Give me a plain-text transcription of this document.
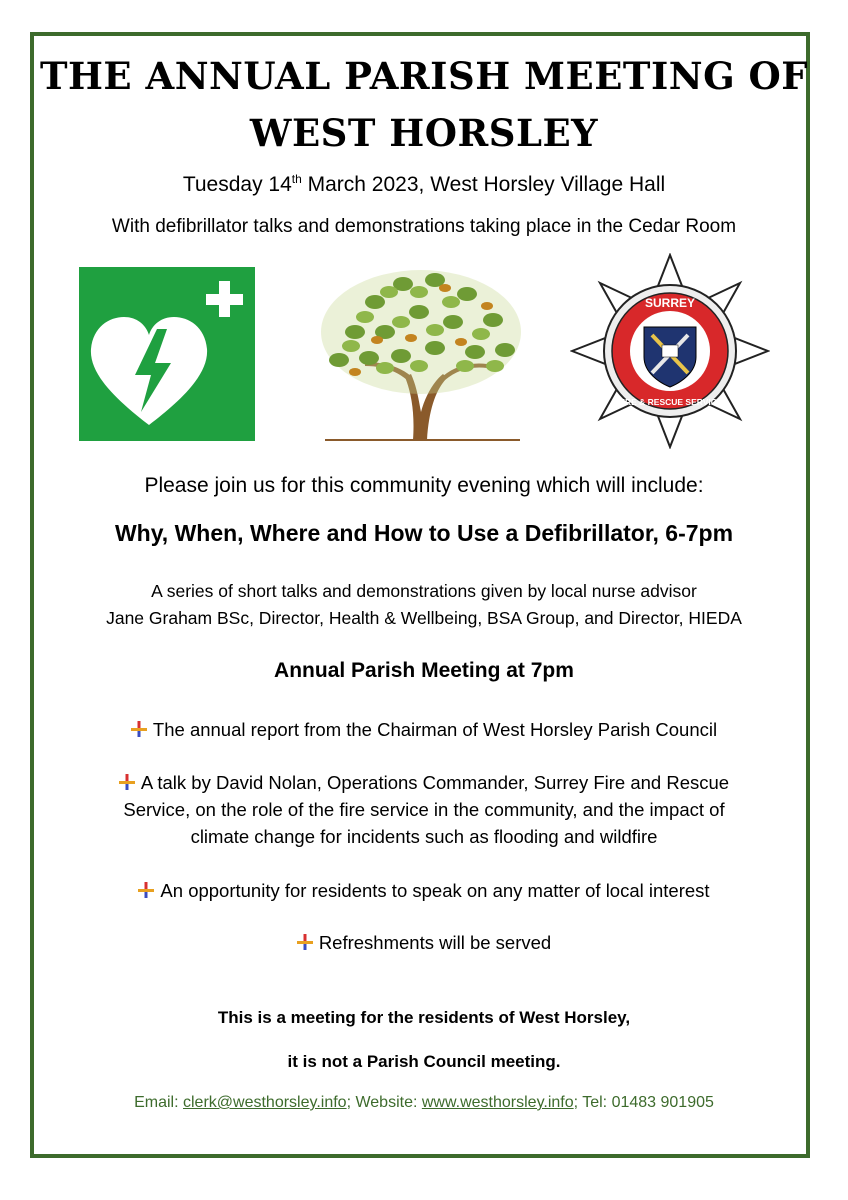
THE ANNUAL PARISH MEETING OF
WEST HORSLEY
Tuesday 14th March 2023, West Horsley Village Hall
With defibrillator talks and demonstrations taking place in the Cedar Room
SURREY
FIRE & RESCUE SERVICE
Please join us for this community evening which will include:
Why, When, Where and How to Use a Defibrillator, 6-7pm
A series of short talks and demonstrations given by local nurse advisor
Jane Graham BSc, Director, Health & Wellbeing, BSA Group, and Director, HIEDA
Annual Parish Meeting at 7pm
The annual report from the Chairman of West Horsley Parish Council
A talk by David Nolan, Operations Commander, Surrey Fire and Rescue
Service, on the role of the fire service in the community, and the impact of
climate change for incidents such as flooding and wildfire
An opportunity for residents to speak on any matter of local interest
Refreshments will be served
This is a meeting for the residents of West Horsley,
it is not a Parish Council meeting.
Email: clerk@westhorsley.info; Website: www.westhorsley.info; Tel: 01483 901905
